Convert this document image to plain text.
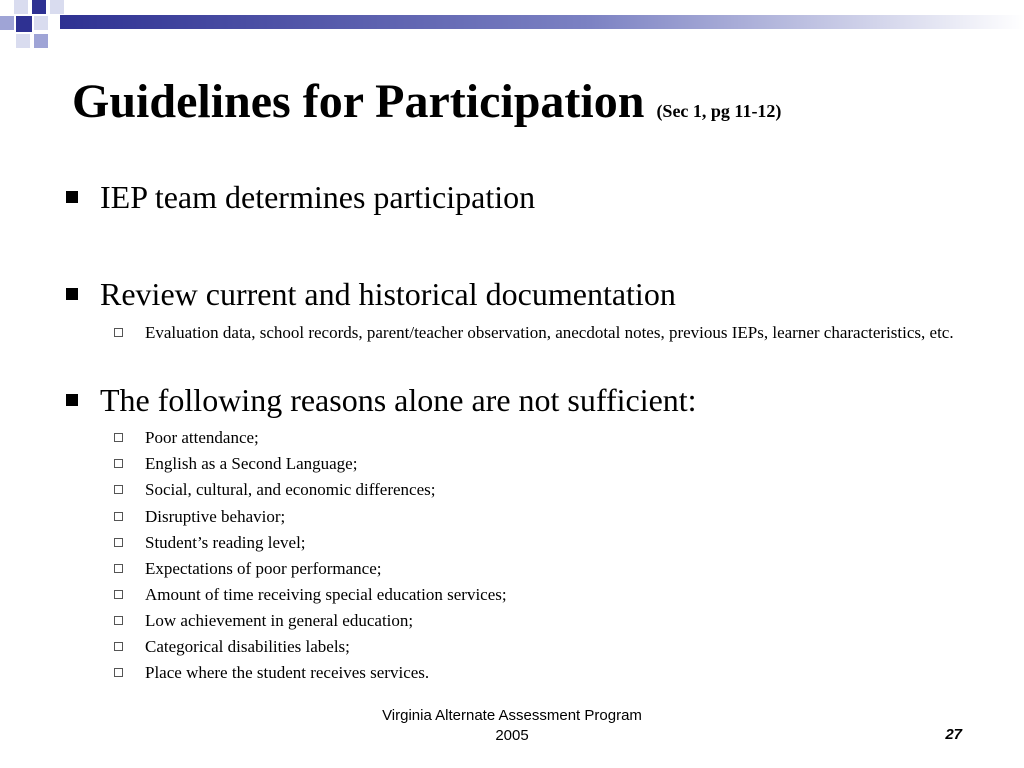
Guidelines for Participation (Sec 1, pg 11-12)
IEP team determines participation
Review current and historical documentation
Evaluation data, school records, parent/teacher observation, anecdotal notes, previous IEPs, learner characteristics, etc.
The following reasons alone are not sufficient:
Poor attendance;
English as a Second Language;
Social, cultural, and economic differences;
Disruptive behavior;
Student’s reading level;
Expectations of poor performance;
Amount of time receiving special education services;
Low achievement in general education;
Categorical disabilities labels;
Place where the student receives services.
Virginia Alternate Assessment Program
2005	27
